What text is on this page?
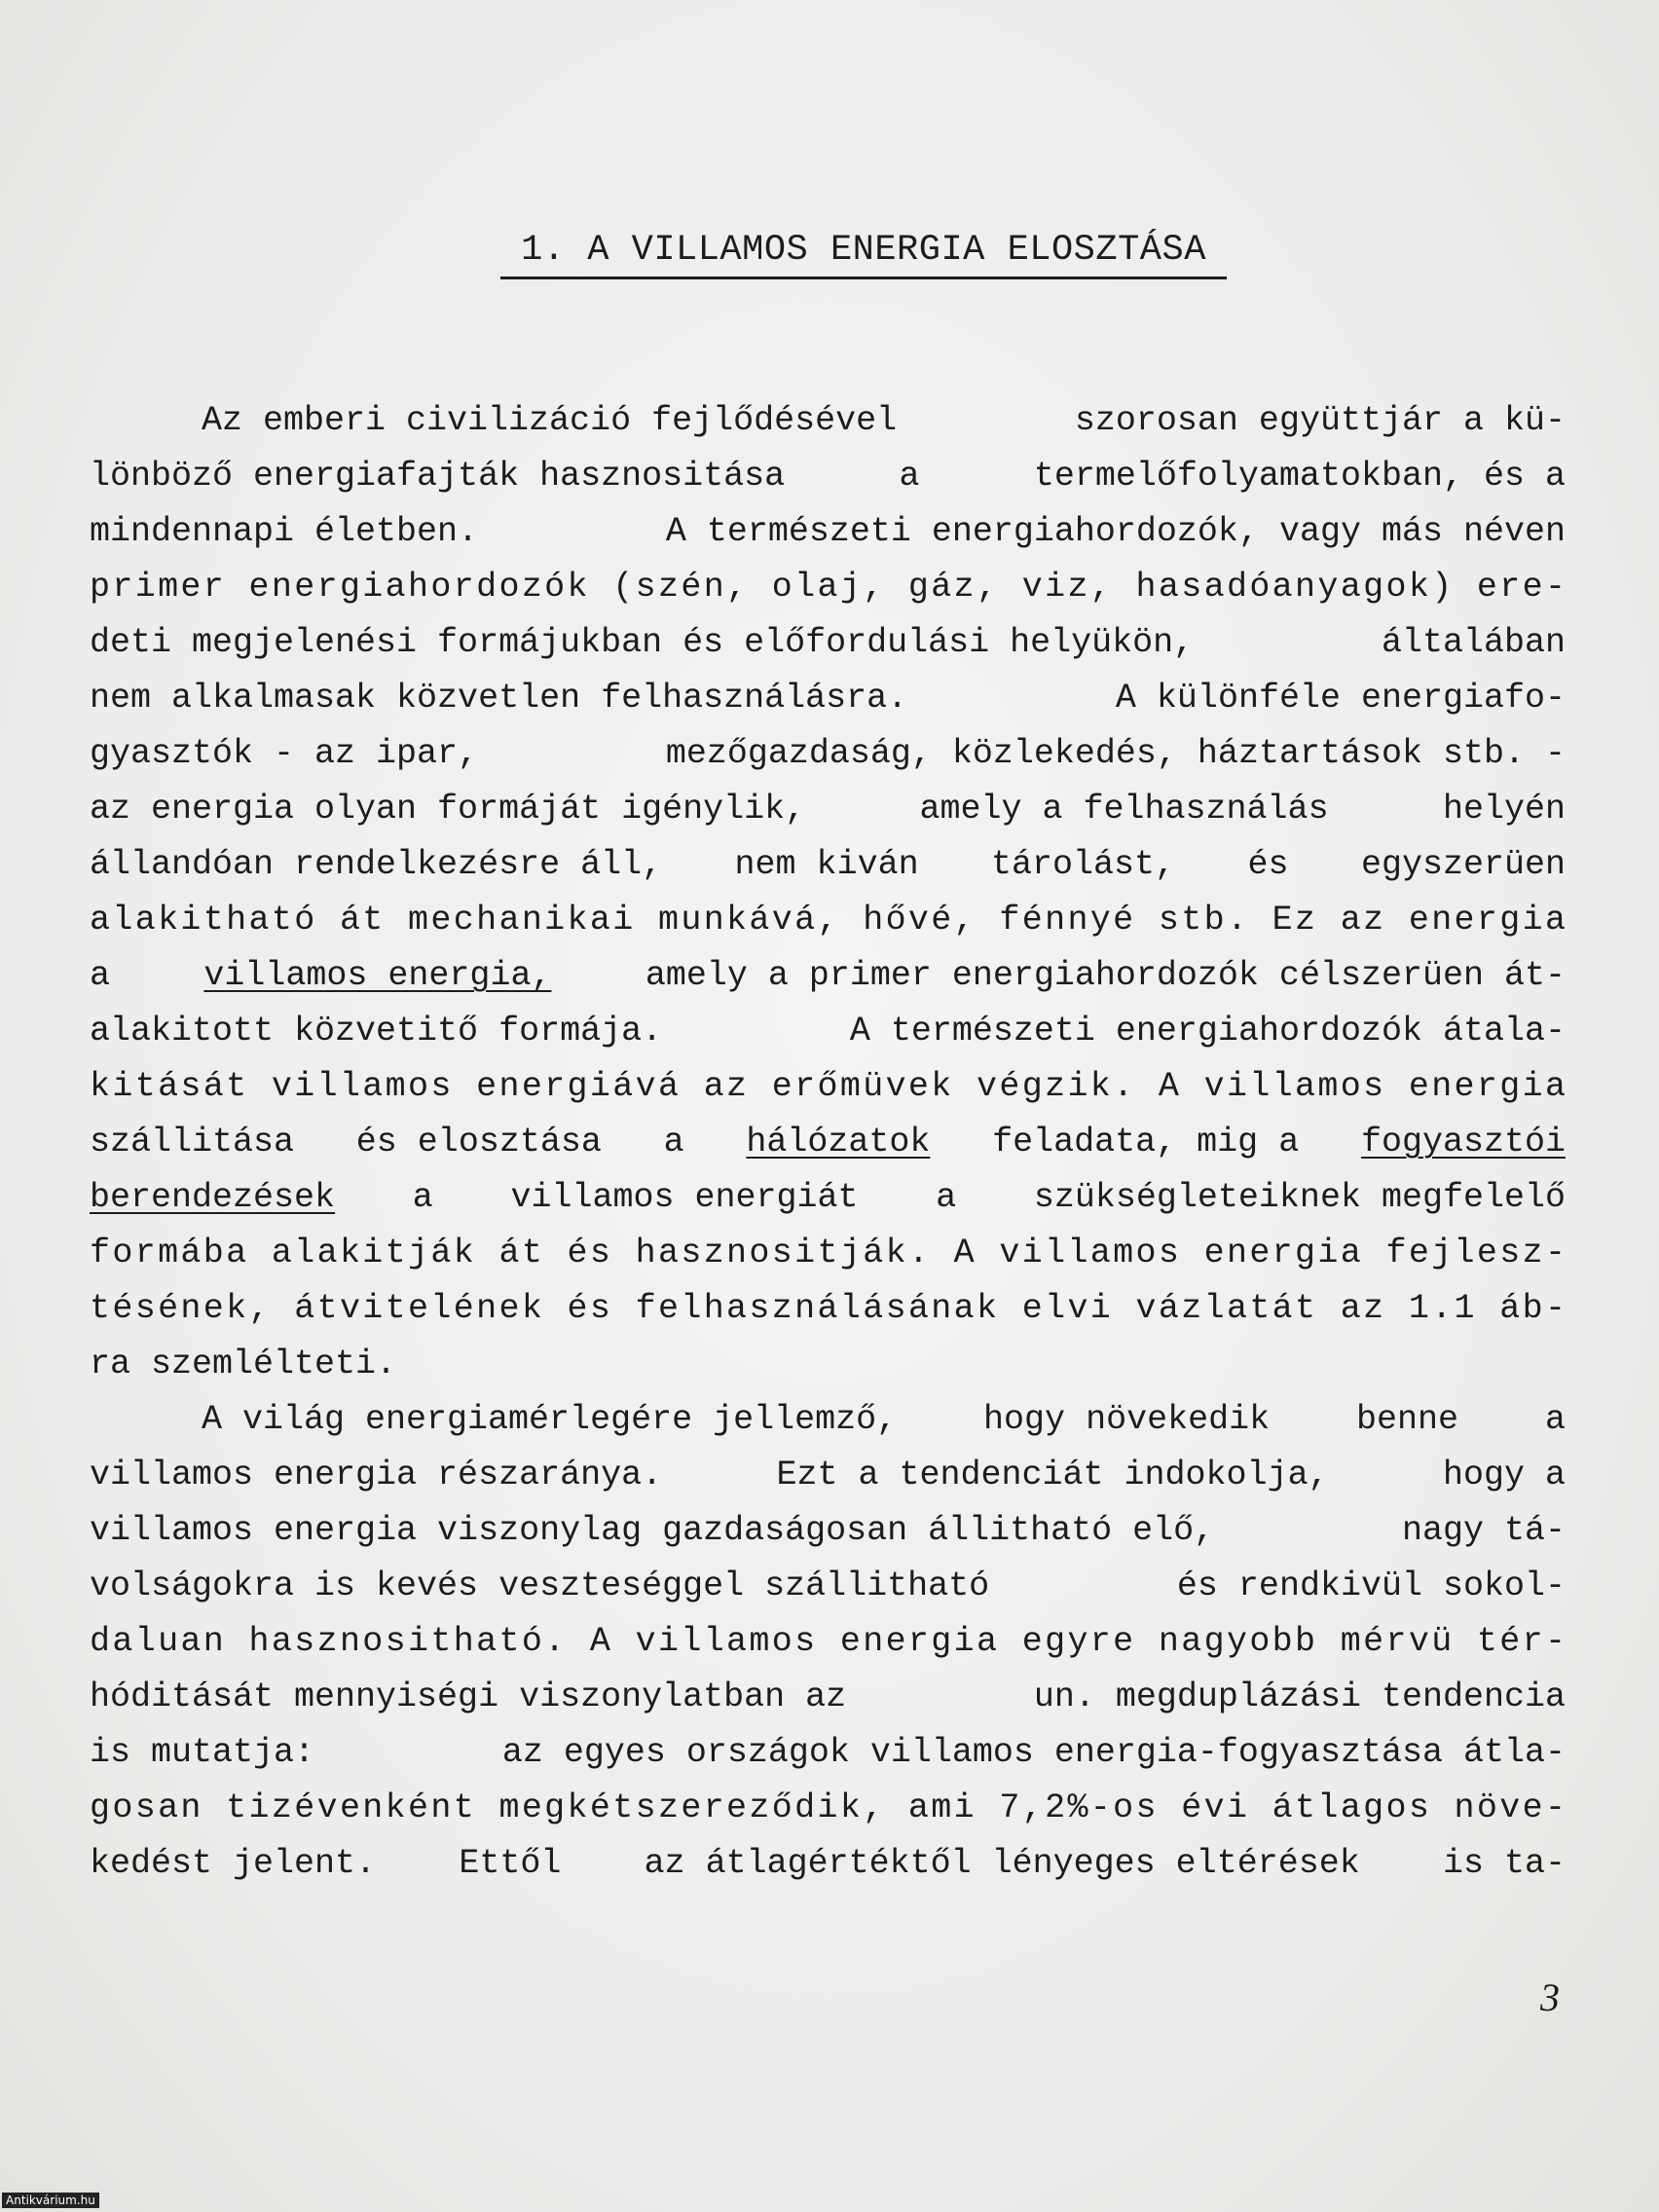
1. A VILLAMOS ENERGIA ELOSZTÁSA
Az emberi civilizáció fejlődésével	szorosan együttjár a kü-
lönböző energiafajták hasznositása	a	termelőfolyamatokban, és a
mindennapi életben.	A természeti energiahordozók, vagy más néven
primer energiahordozók (szén, olaj, gáz, viz, hasadóanyagok) ere-
deti megjelenési formájukban és előfordulási helyükön,	általában
nem alkalmasak közvetlen felhasználásra.	A különféle energiafo-
gyasztók - az ipar,	mezőgazdaság, közlekedés, háztartások stb. -
az energia olyan formáját igénylik,	amely a felhasználás	helyén
állandóan rendelkezésre áll, nem kiván tárolást, és egyszerüen
alakitható át mechanikai munkává, hővé, fénnyé stb. Ez az energia
a	villamos energia,	amely a primer energiahordozók célszerüen át-
alakitott közvetitő formája.	A természeti energiahordozók átala-
kitását villamos energiává az erőmüvek végzik. A villamos energia
szállitása és elosztása a hálózatok feladata, mig a fogyasztói
berendezések a villamos energiát a szükségleteiknek megfelelő
formába alakitják át és hasznositják. A villamos energia fejlesz-
tésének, átvitelének és felhasználásának elvi vázlatát az 1.1 áb-
ra szemlélteti.
A világ energiamérlegére jellemző,	hogy növekedik	benne	a
villamos energia részaránya.	Ezt a tendenciát indokolja,	hogy a
villamos energia viszonylag gazdaságosan állitható elő,	nagy tá-
volságokra is kevés veszteséggel szállitható	és rendkivül sokol-
daluan hasznositható. A villamos energia egyre nagyobb mérvü tér-
hóditását mennyiségi viszonylatban az	un. megduplázási tendencia
is mutatja:	az egyes országok villamos energia-fogyasztása átla-
gosan tizévenként megkétszereződik, ami 7,2%-os évi átlagos növe-
kedést jelent. Ettől az átlagértéktől lényeges eltérések is ta-
3
Antikvárium.hu
